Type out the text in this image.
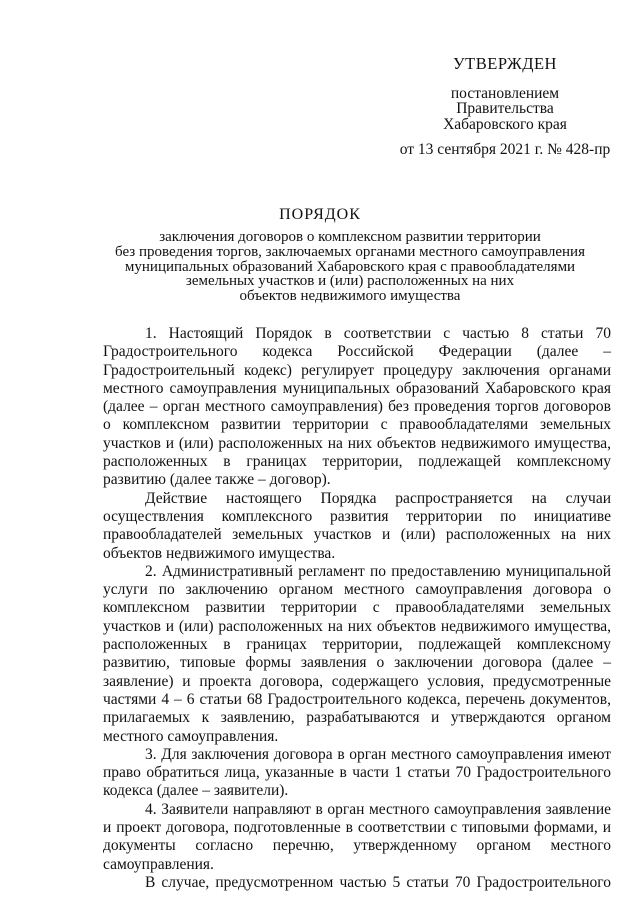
УТВЕРЖДЕН
постановлением
Правительства
Хабаровского края
от 13 сентября 2021 г. № 428-пр
ПОРЯДОК
заключения договоров о комплексном развитии территории
без проведения торгов, заключаемых органами местного самоуправления
муниципальных образований Хабаровского края с правообладателями
земельных участков и (или) расположенных на них
объектов недвижимого имущества

1. Настоящий Порядок в соответствии с частью 8 статьи 70 Градостроительного кодекса Российской Федерации (далее – Градостроительный кодекс) регулирует процедуру заключения органами местного самоуправления муниципальных образований Хабаровского края (далее – орган местного самоуправления) без проведения торгов договоров о комплексном развитии территории с правообладателями земельных участков и (или) расположенных на них объектов недвижимого имущества, расположенных в границах территории, подлежащей комплексному развитию (далее также – договор).

Действие настоящего Порядка распространяется на случаи осуществления комплексного развития территории по инициативе правообладателей земельных участков и (или) расположенных на них объектов недвижимого имущества.

2. Административный регламент по предоставлению муниципальной услуги по заключению органом местного самоуправления договора о комплексном развитии территории с правообладателями земельных участков и (или) расположенных на них объектов недвижимого имущества, расположенных в границах территории, подлежащей комплексному развитию, типовые формы заявления о заключении договора (далее – заявление) и проекта договора, содержащего условия, предусмотренные частями 4 – 6 статьи 68 Градостроительного кодекса, перечень документов, прилагаемых к заявлению, разрабатываются и утверждаются органом местного самоуправления.

3. Для заключения договора в орган местного самоуправления имеют право обратиться лица, указанные в части 1 статьи 70 Градостроительного кодекса (далее – заявители).

4. Заявители направляют в орган местного самоуправления заявление и проект договора, подготовленные в соответствии с типовыми формами, и документы согласно перечню, утвержденному органом местного самоуправления.

В случае, предусмотренном частью 5 статьи 70 Градостроительного
